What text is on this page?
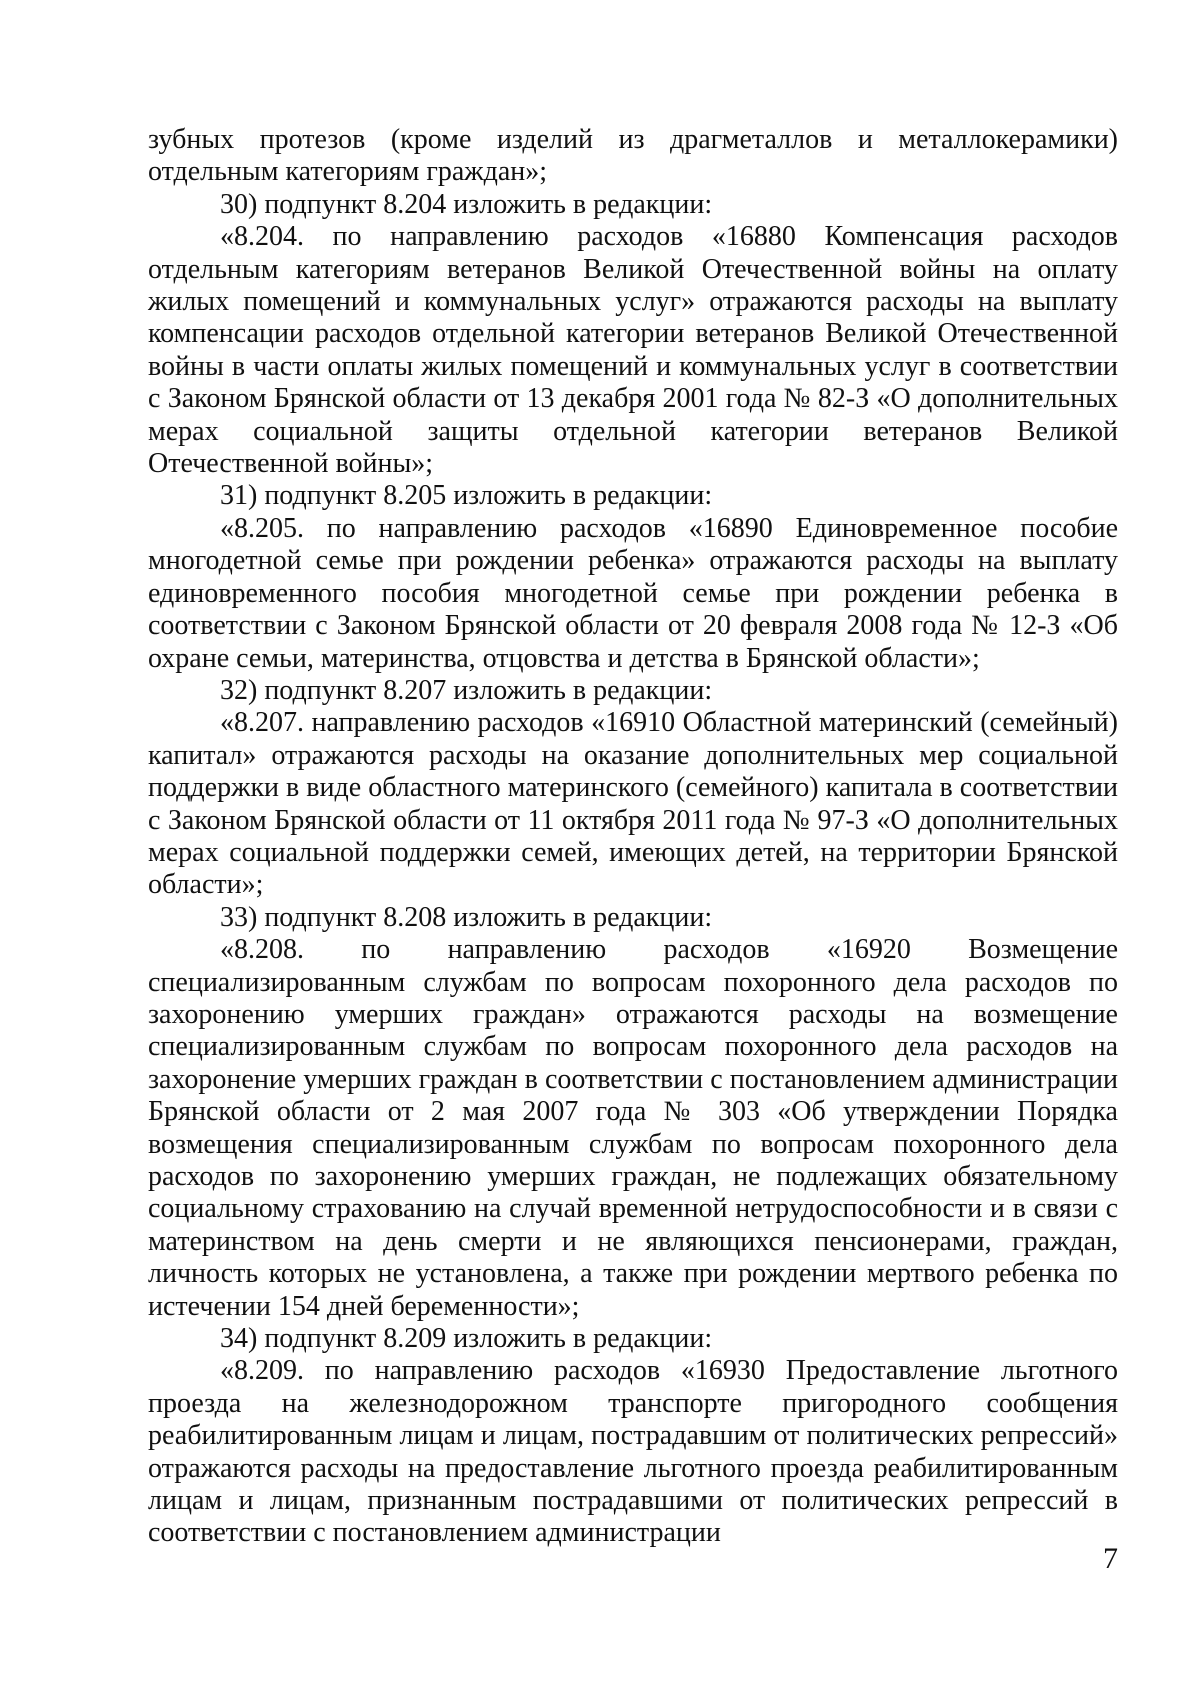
зубных протезов (кроме изделий из драгметаллов и металлокерамики) отдельным категориям граждан»;

30) подпункт 8.204 изложить в редакции:

«8.204. по направлению расходов «16880 Компенсация расходов отдельным категориям ветеранов Великой Отечественной войны на оплату жилых помещений и коммунальных услуг» отражаются расходы на выплату компенсации расходов отдельной категории ветеранов Великой Отечественной войны в части оплаты жилых помещений и коммунальных услуг в соответствии с Законом Брянской области от 13 декабря 2001 года № 82-З «О дополнительных мерах социальной защиты отдельной категории ветеранов Великой Отечественной войны»;

31) подпункт 8.205 изложить в редакции:

«8.205. по направлению расходов «16890 Единовременное пособие многодетной семье при рождении ребенка» отражаются расходы на выплату единовременного пособия многодетной семье при рождении ребенка в соответствии с Законом Брянской области от 20 февраля 2008 года № 12-З «Об охране семьи, материнства, отцовства и детства в Брянской области»;

32) подпункт 8.207 изложить в редакции:

«8.207. направлению расходов «16910 Областной материнский (семейный) капитал» отражаются расходы на оказание дополнительных мер социальной поддержки в виде областного материнского (семейного) капитала в соответствии с Законом Брянской области от 11 октября 2011 года № 97-З «О дополнительных мерах социальной поддержки семей, имеющих детей, на территории Брянской области»;

33) подпункт 8.208 изложить в редакции:

«8.208. по направлению расходов «16920 Возмещение специализированным службам по вопросам похоронного дела расходов по захоронению умерших граждан» отражаются расходы на возмещение специализированным службам по вопросам похоронного дела расходов на захоронение умерших граждан в соответствии с постановлением администрации Брянской области от 2 мая 2007 года № 303 «Об утверждении Порядка возмещения специализированным службам по вопросам похоронного дела расходов по захоронению умерших граждан, не подлежащих обязательному социальному страхованию на случай временной нетрудоспособности и в связи с материнством на день смерти и не являющихся пенсионерами, граждан, личность которых не установлена, а также при рождении мертвого ребенка по истечении 154 дней беременности»;

34) подпункт 8.209 изложить в редакции:

«8.209. по направлению расходов «16930 Предоставление льготного проезда на железнодорожном транспорте пригородного сообщения реабилитированным лицам и лицам, пострадавшим от политических репрессий» отражаются расходы на предоставление льготного проезда реабилитированным лицам и лицам, признанным пострадавшими от политических репрессий в соответствии с постановлением администрации

7
